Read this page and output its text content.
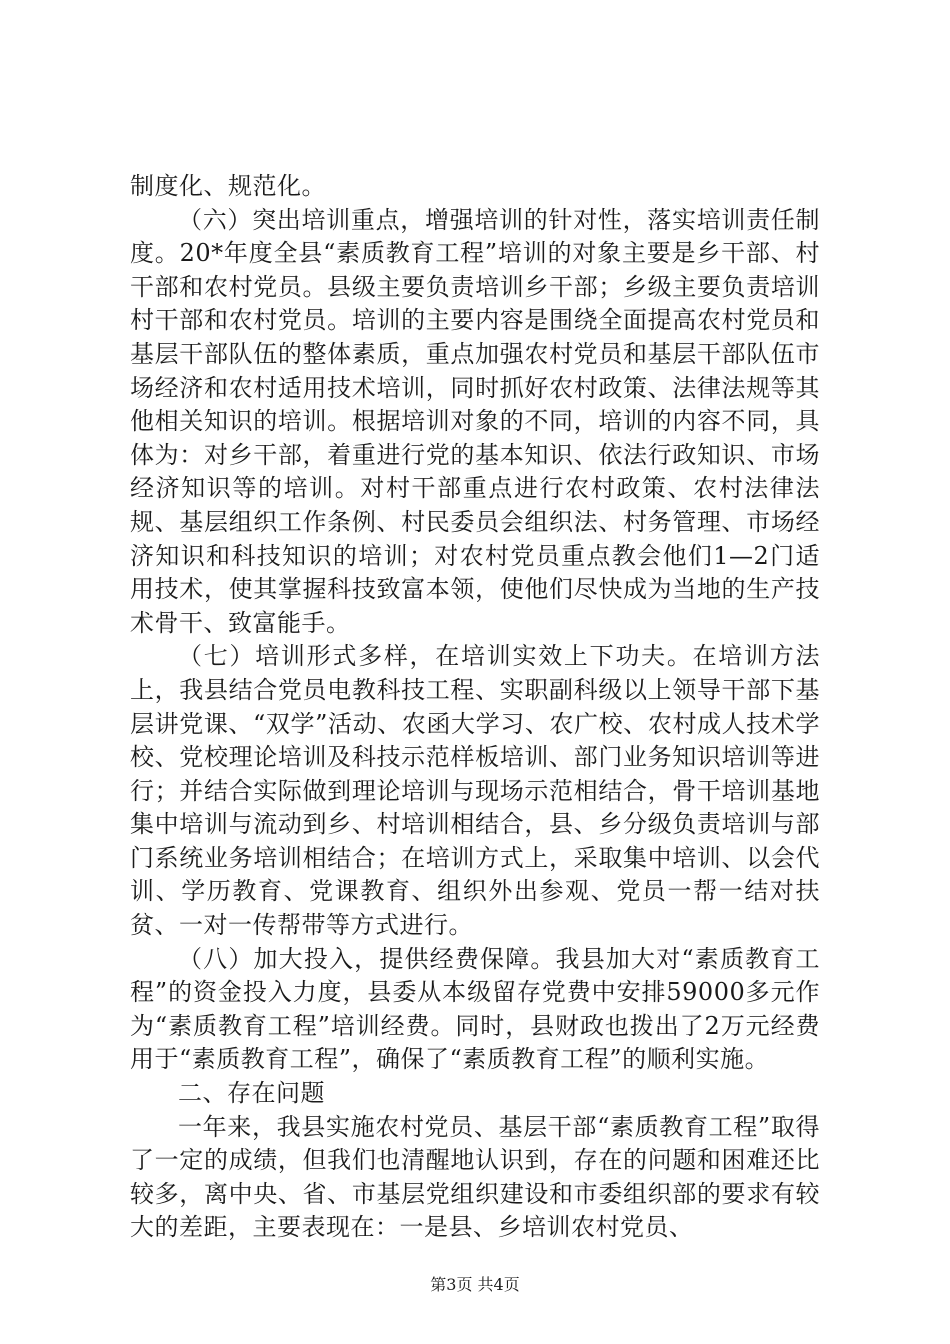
制度化、规范化。

（六）突出培训重点，增强培训的针对性，落实培训责任制度。20*年度全县“素质教育工程”培训的对象主要是乡干部、村干部和农村党员。县级主要负责培训乡干部；乡级主要负责培训村干部和农村党员。培训的主要内容是围绕全面提高农村党员和基层干部队伍的整体素质，重点加强农村党员和基层干部队伍市场经济和农村适用技术培训，同时抓好农村政策、法律法规等其他相关知识的培训。根据培训对象的不同，培训的内容不同，具体为：对乡干部，着重进行党的基本知识、依法行政知识、市场经济知识等的培训。对村干部重点进行农村政策、农村法律法规、基层组织工作条例、村民委员会组织法、村务管理、市场经济知识和科技知识的培训；对农村党员重点教会他们1—2门适用技术，使其掌握科技致富本领，使他们尽快成为当地的生产技术骨干、致富能手。

（七）培训形式多样，在培训实效上下功夫。在培训方法上，我县结合党员电教科技工程、实职副科级以上领导干部下基层讲党课、“双学”活动、农函大学习、农广校、农村成人技术学校、党校理论培训及科技示范样板培训、部门业务知识培训等进行；并结合实际做到理论培训与现场示范相结合，骨干培训基地集中培训与流动到乡、村培训相结合，县、乡分级负责培训与部门系统业务培训相结合；在培训方式上，采取集中培训、以会代训、学历教育、党课教育、组织外出参观、党员一帮一结对扶贫、一对一传帮带等方式进行。

（八）加大投入，提供经费保障。我县加大对“素质教育工程”的资金投入力度，县委从本级留存党费中安排59000多元作为“素质教育工程”培训经费。同时，县财政也拨出了2万元经费用于“素质教育工程”，确保了“素质教育工程”的顺利实施。

二、存在问题

一年来，我县实施农村党员、基层干部“素质教育工程”取得了一定的成绩，但我们也清醒地认识到，存在的问题和困难还比较多，离中央、省、市基层党组织建设和市委组织部的要求有较大的差距，主要表现在：一是县、乡培训农村党员、

第3页 共4页
